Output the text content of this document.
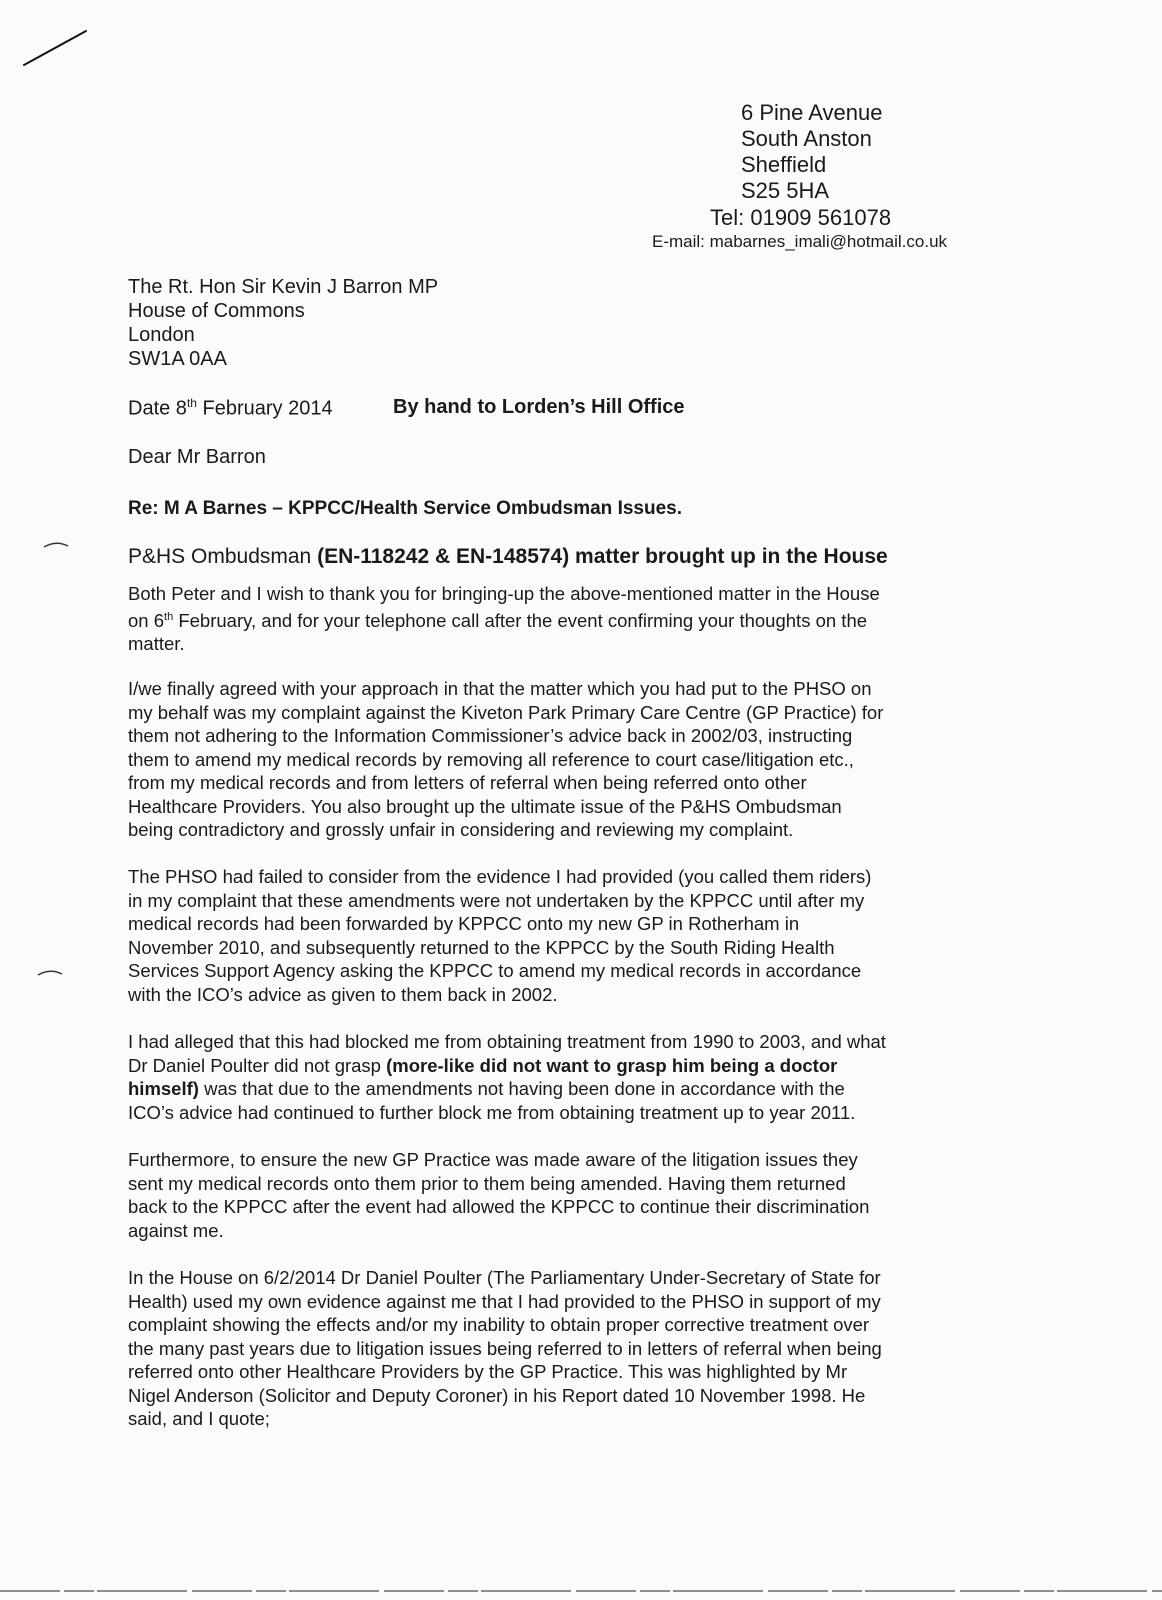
6 Pine Avenue
South Anston
Sheffield
S25 5HA
Tel: 01909 561078
E-mail: mabarnes_imali@hotmail.co.uk
The Rt. Hon Sir Kevin J Barron MP
House of Commons
London
SW1A 0AA
Date 8th February 2014	By hand to Lorden’s Hill Office
Dear Mr Barron
Re: M A Barnes – KPPCC/Health Service Ombudsman Issues.
P&HS Ombudsman (EN-118242 & EN-148574) matter brought up in the House
Both Peter and I wish to thank you for bringing-up the above-mentioned matter in the House
on 6th February, and for your telephone call after the event confirming your thoughts on the
matter.
I/we finally agreed with your approach in that the matter which you had put to the PHSO on
my behalf was my complaint against the Kiveton Park Primary Care Centre (GP Practice) for
them not adhering to the Information Commissioner’s advice back in 2002/03, instructing
them to amend my medical records by removing all reference to court case/litigation etc.,
from my medical records and from letters of referral when being referred onto other
Healthcare Providers. You also brought up the ultimate issue of the P&HS Ombudsman
being contradictory and grossly unfair in considering and reviewing my complaint.
The PHSO had failed to consider from the evidence I had provided (you called them riders)
in my complaint that these amendments were not undertaken by the KPPCC until after my
medical records had been forwarded by KPPCC onto my new GP in Rotherham in
November 2010, and subsequently returned to the KPPCC by the South Riding Health
Services Support Agency asking the KPPCC to amend my medical records in accordance
with the ICO’s advice as given to them back in 2002.
I had alleged that this had blocked me from obtaining treatment from 1990 to 2003, and what
Dr Daniel Poulter did not grasp (more-like did not want to grasp him being a doctor
himself) was that due to the amendments not having been done in accordance with the
ICO’s advice had continued to further block me from obtaining treatment up to year 2011.
Furthermore, to ensure the new GP Practice was made aware of the litigation issues they
sent my medical records onto them prior to them being amended. Having them returned
back to the KPPCC after the event had allowed the KPPCC to continue their discrimination
against me.
In the House on 6/2/2014 Dr Daniel Poulter (The Parliamentary Under-Secretary of State for
Health) used my own evidence against me that I had provided to the PHSO in support of my
complaint showing the effects and/or my inability to obtain proper corrective treatment over
the many past years due to litigation issues being referred to in letters of referral when being
referred onto other Healthcare Providers by the GP Practice. This was highlighted by Mr
Nigel Anderson (Solicitor and Deputy Coroner) in his Report dated 10 November 1998. He
said, and I quote;
